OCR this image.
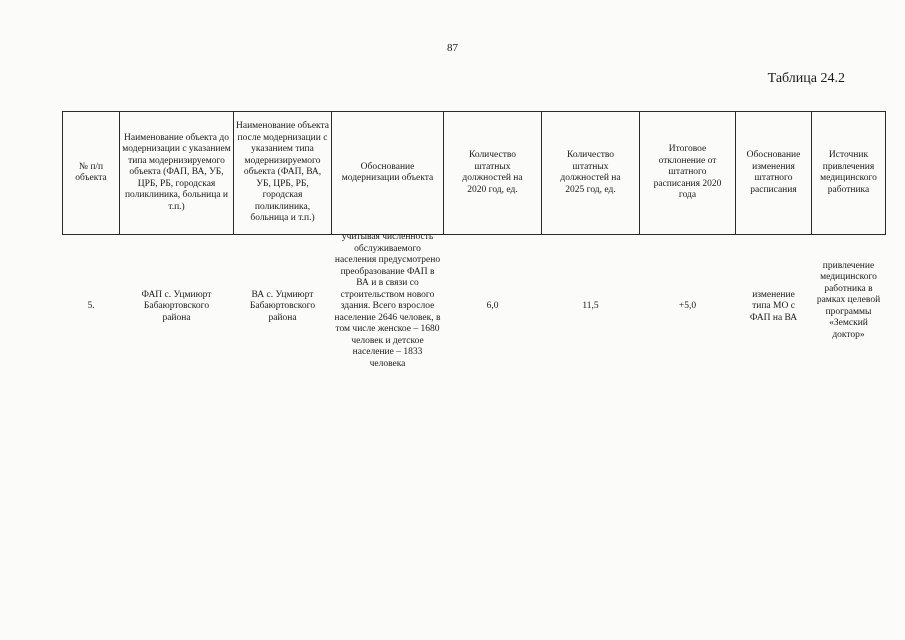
87
Таблица 24.2
№ п/п объекта	Наименование объекта до модернизации с указанием типа модернизируемого объекта (ФАП, ВА, УБ, ЦРБ, РБ, городская поликлиника, больница и т.п.)	Наименование объекта после модернизации с указанием типа модернизируемого объекта (ФАП, ВА, УБ, ЦРБ, РБ, городская поликлиника, больница и т.п.)	Обоснование модернизации объекта	Количество штатных должностей на 2020 год, ед.	Количество штатных должностей на 2025 год, ед.	Итоговое отклонение от штатного расписания 2020 года	Обоснование изменения штатного расписания	Источник привлечения медицинского работника

5.	ФАП с. Уцмиюрт Бабаюртовского района	ВА с. Уцмиюрт Бабаюртовского района	учитывая численность обслуживаемого населения предусмотрено преобразование ФАП в ВА и в связи со строительством нового здания. Всего взрослое население 2646 человек, в том числе женское – 1680 человек и детское население – 1833 человека	6,0	11,5	+5,0	изменение типа МО с ФАП на ВА	привлечение медицинского работника в рамках целевой программы «Земский доктор»
